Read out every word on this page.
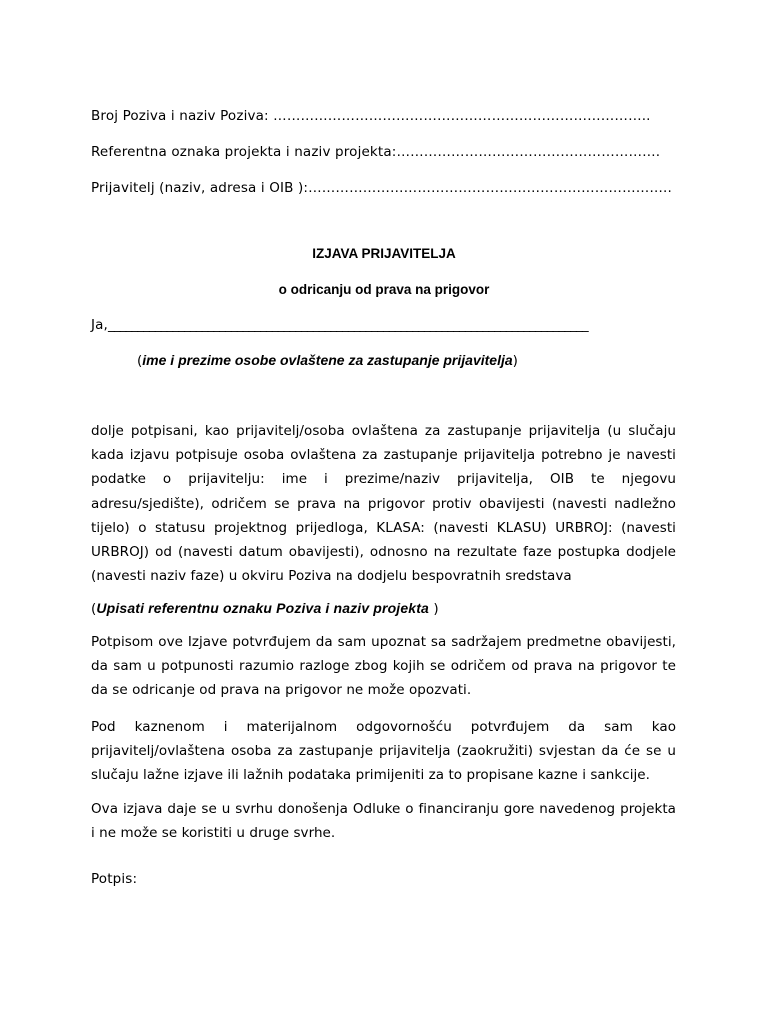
Broj Poziva i naziv Poziva: ………………………………………………………………………..
Referentna oznaka projekta i naziv projekta:………………………………………………….
Prijavitelj (naziv, adresa i OIB ):……………………………………………………………………..
IZJAVA PRIJAVITELJA
o odricanju od prava na prigovor
Ja,__________________________________________________________________________________
(ime i prezime osobe ovlaštene za zastupanje prijavitelja)
dolje potpisani, kao prijavitelj/osoba ovlaštena za zastupanje prijavitelja (u slučaju
kada izjavu potpisuje osoba ovlaštena za zastupanje prijavitelja potrebno je navesti
podatke o prijavitelju: ime i prezime/naziv prijavitelja, OIB te njegovu
adresu/sjedište), odričem se prava na prigovor protiv obavijesti (navesti nadležno
tijelo) o statusu projektnog prijedloga, KLASA: (navesti KLASU) URBROJ: (navesti
URBROJ) od (navesti datum obavijesti), odnosno na rezultate faze postupka dodjele
(navesti naziv faze) u okviru Poziva na dodjelu bespovratnih sredstava
(Upisati referentnu oznaku Poziva i naziv projekta )
Potpisom ove Izjave potvrđujem da sam upoznat sa sadržajem predmetne obavijesti,
da sam u potpunosti razumio razloge zbog kojih se odričem od prava na prigovor te
da se odricanje od prava na prigovor ne može opozvati.
Pod kaznenom i materijalnom odgovornošću potvrđujem da sam kao
prijavitelj/ovlaštena osoba za zastupanje prijavitelja (zaokružiti) svjestan da će se u
slučaju lažne izjave ili lažnih podataka primijeniti za to propisane kazne i sankcije.
Ova izjava daje se u svrhu donošenja Odluke o financiranju gore navedenog projekta
i ne može se koristiti u druge svrhe.
Potpis:
